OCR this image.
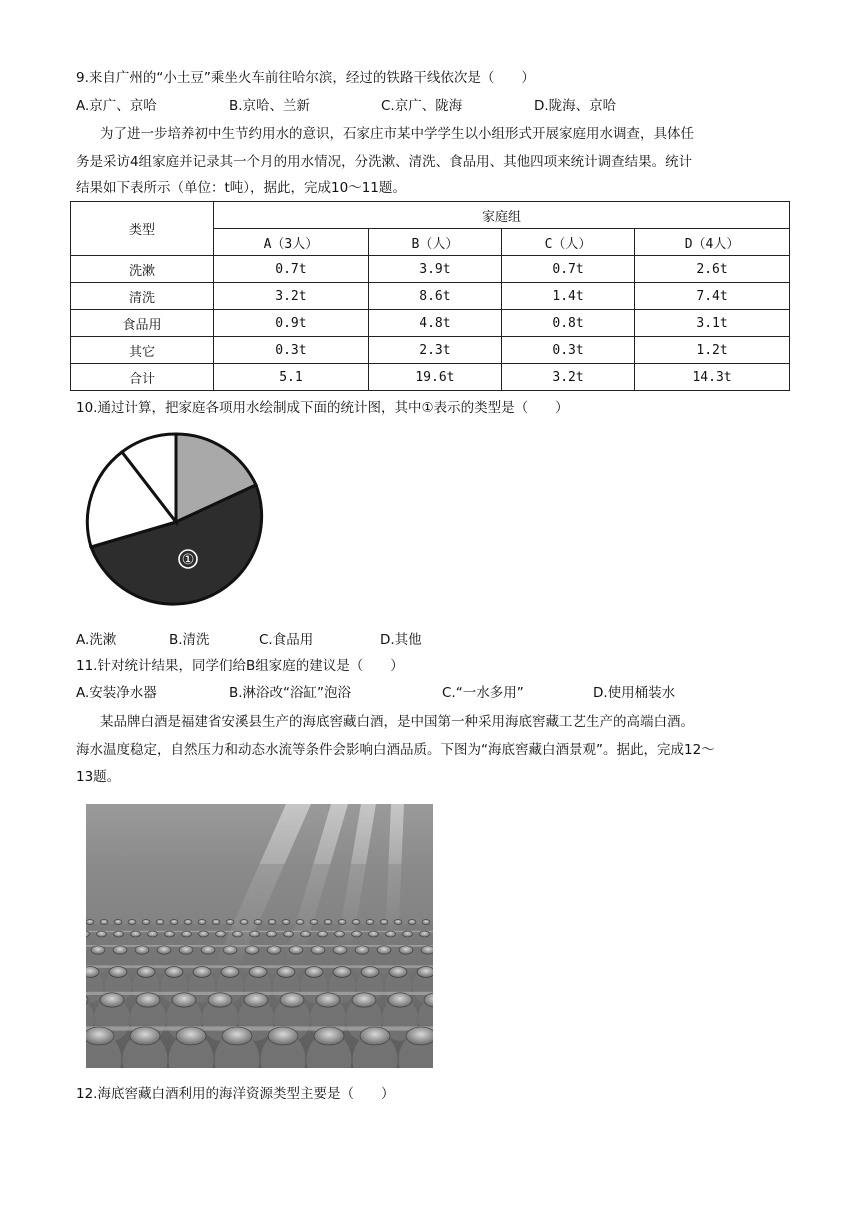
9.来自广州的“小土豆”乘坐火车前往哈尔滨，经过的铁路干线依次是（　　）
A.京广、京哈	B.京哈、兰新	C.京广、陇海	D.陇海、京哈
为了进一步培养初中生节约用水的意识，石家庄市某中学学生以小组形式开展家庭用水调查，具体任
务是采访4组家庭并记录其一个月的用水情况，分洗漱、清洗、食品用、其他四项来统计调查结果。统计
结果如下表所示（单位：t吨），据此，完成10～11题。
类型	家庭组			
	A（3人）	B（人）	C（人）	D（4人）
洗漱	0.7t	3.9t	0.7t	2.6t
清洗	3.2t	8.6t	1.4t	7.4t
食品用	0.9t	4.8t	0.8t	3.1t
其它	0.3t	2.3t	0.3t	1.2t
合计	5.1	19.6t	3.2t	14.3t
10.通过计算，把家庭各项用水绘制成下面的统计图，其中①表示的类型是（　　）
①
A.洗漱	B.清洗	C.食品用	D.其他
11.针对统计结果，同学们给B组家庭的建议是（　　）
A.安装净水器	B.淋浴改“浴缸”泡浴	C.“一水多用”	D.使用桶装水
某品牌白酒是福建省安溪县生产的海底窖藏白酒，是中国第一种采用海底窖藏工艺生产的高端白酒。
海水温度稳定，自然压力和动态水流等条件会影响白酒品质。下图为“海底窖藏白酒景观”。据此，完成12～
13题。
12.海底窖藏白酒利用的海洋资源类型主要是（　　）
